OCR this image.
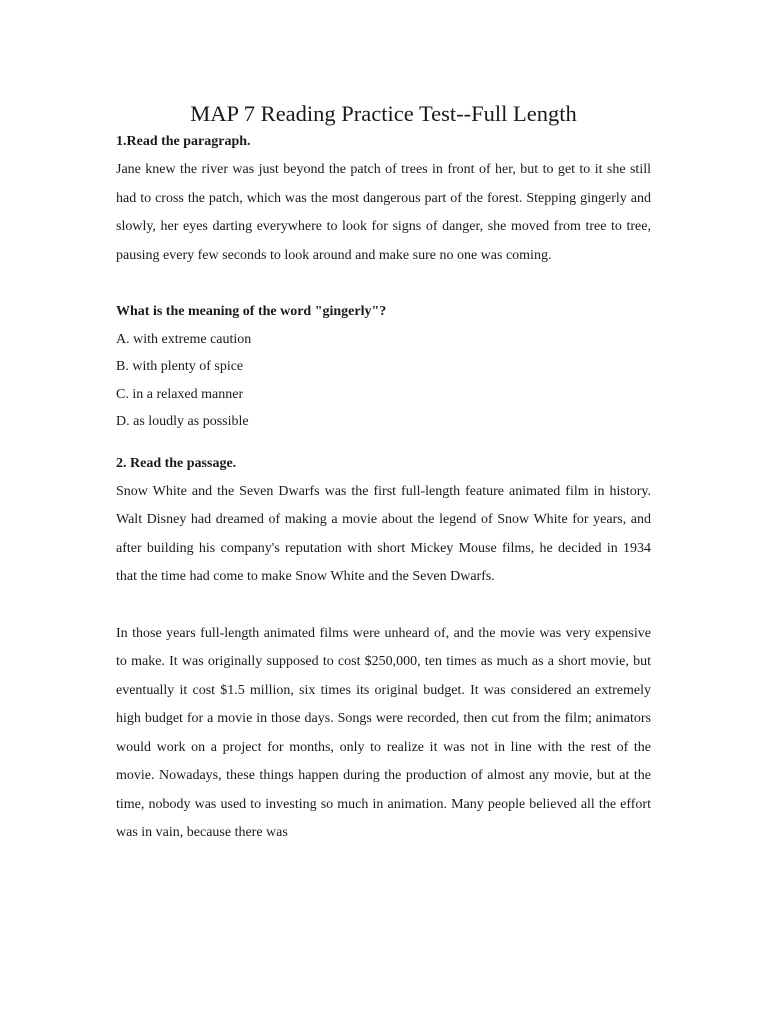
MAP 7 Reading Practice Test--Full Length

1.Read the paragraph.

Jane knew the river was just beyond the patch of trees in front of her, but to get to it she still had to cross the patch, which was the most dangerous part of the forest. Stepping gingerly and slowly, her eyes darting everywhere to look for signs of danger, she moved from tree to tree, pausing every few seconds to look around and make sure no one was coming.

What is the meaning of the word "gingerly"?

A. with extreme caution
B. with plenty of spice
C. in a relaxed manner
D. as loudly as possible

2. Read the passage.

Snow White and the Seven Dwarfs was the first full-length feature animated film in history. Walt Disney had dreamed of making a movie about the legend of Snow White for years, and after building his company's reputation with short Mickey Mouse films, he decided in 1934 that the time had come to make Snow White and the Seven Dwarfs.

In those years full-length animated films were unheard of, and the movie was very expensive to make. It was originally supposed to cost $250,000, ten times as much as a short movie, but eventually it cost $1.5 million, six times its original budget. It was considered an extremely high budget for a movie in those days. Songs were recorded, then cut from the film; animators would work on a project for months, only to realize it was not in line with the rest of the movie. Nowadays, these things happen during the production of almost any movie, but at the time, nobody was used to investing so much in animation. Many people believed all the effort was in vain, because there was
